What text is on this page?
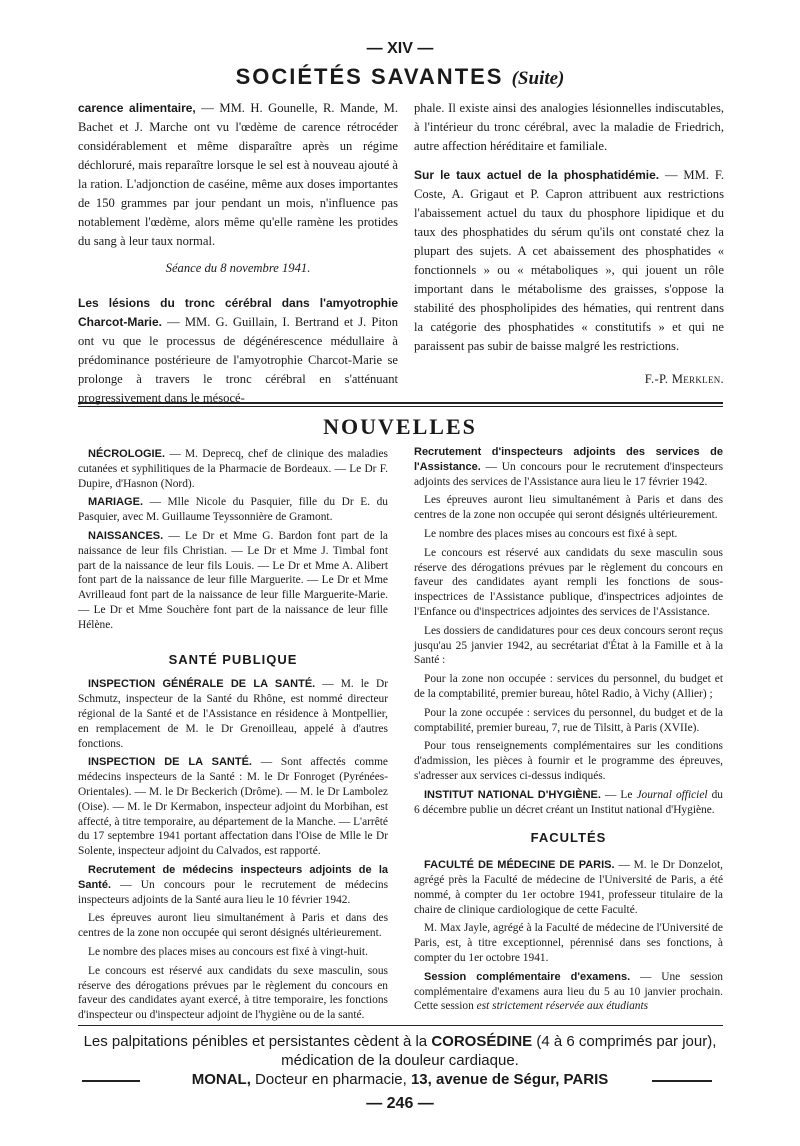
— XIV —
SOCIÉTÉS SAVANTES (Suite)

carence alimentaire, — MM. H. Gounelle, R. Mande, M. Bachet et J. Marche ont vu l'œdème de carence rétrocéder considérablement et même disparaître après un régime déchloruré, mais reparaître lorsque le sel est à nouveau ajouté à la ration. L'adjonction de caséine, même aux doses importantes de 150 grammes par jour pendant un mois, n'influence pas notablement l'œdème, alors même qu'elle ramène les protides du sang à leur taux normal.

Séance du 8 novembre 1941.

Les lésions du tronc cérébral dans l'amyotrophie Charcot-Marie. — MM. G. Guillain, I. Bertrand et J. Piton ont vu que le processus de dégénérescence médullaire à prédominance postérieure de l'amyotrophie Charcot-Marie se prolonge à travers le tronc cérébral en s'atténuant progressivement dans le mésocé-

phale. Il existe ainsi des analogies lésionnelles indiscutables, à l'intérieur du tronc cérébral, avec la maladie de Friedrich, autre affection héréditaire et familiale.

Sur le taux actuel de la phosphatidémie. — MM. F. Coste, A. Grigaut et P. Capron attribuent aux restrictions l'abaissement actuel du taux du phosphore lipidique et du taux des phosphatides du sérum qu'ils ont constaté chez la plupart des sujets. A cet abaissement des phosphatides « fonctionnels » ou « métaboliques », qui jouent un rôle important dans le métabolisme des graisses, s'oppose la stabilité des phospholipides des hématies, qui rentrent dans la catégorie des phosphatides « constitutifs » et qui ne paraissent pas subir de baisse malgré les restrictions.

F.-P. Merklen.

NOUVELLES

NÉCROLOGIE. — M. Deprecq, chef de clinique des maladies cutanées et syphilitiques de la Pharmacie de Bordeaux. — Le Dr F. Dupire, d'Hasnon (Nord).

MARIAGE. — Mlle Nicole du Pasquier, fille du Dr E. du Pasquier, avec M. Guillaume Teyssonnière de Gramont.

NAISSANCES. — Le Dr et Mme G. Bardon font part de la naissance de leur fils Christian. — Le Dr et Mme J. Timbal font part de la naissance de leur fils Louis. — Le Dr et Mme A. Alibert font part de la naissance de leur fille Marguerite. — Le Dr et Mme Avrilleaud font part de la naissance de leur fille Marguerite-Marie. — Le Dr et Mme Souchère font part de la naissance de leur fille Hélène.

SANTÉ PUBLIQUE

INSPECTION GÉNÉRALE DE LA SANTÉ. — M. le Dr Schmutz, inspecteur de la Santé du Rhône, est nommé directeur régional de la Santé et de l'Assistance en résidence à Montpellier, en remplacement de M. le Dr Grenoilleau, appelé à d'autres fonctions.

INSPECTION DE LA SANTÉ. — Sont affectés comme médecins inspecteurs de la Santé : M. le Dr Fonroget (Pyrénées-Orientales). — M. le Dr Beckerich (Drôme). — M. le Dr Lambolez (Oise). — M. le Dr Kermabon, inspecteur adjoint du Morbihan, est affecté, à titre temporaire, au département de la Manche. — L'arrêté du 17 septembre 1941 portant affectation dans l'Oise de Mlle le Dr Solente, inspecteur adjoint du Calvados, est rapporté.

Recrutement de médecins inspecteurs adjoints de la Santé. — Un concours pour le recrutement de médecins inspecteurs adjoints de la Santé aura lieu le 10 février 1942.

Les épreuves auront lieu simultanément à Paris et dans des centres de la zone non occupée qui seront désignés ultérieurement.

Le nombre des places mises au concours est fixé à vingt-huit.

Le concours est réservé aux candidats du sexe masculin, sous réserve des dérogations prévues par le règlement du concours en faveur des candidates ayant exercé, à titre temporaire, les fonctions d'inspecteur ou d'inspecteur adjoint de l'hygiène ou de la santé.

Recrutement d'inspecteurs adjoints des services de l'Assistance. — Un concours pour le recrutement d'inspecteurs adjoints des services de l'Assistance aura lieu le 17 février 1942.

Les épreuves auront lieu simultanément à Paris et dans des centres de la zone non occupée qui seront désignés ultérieurement.

Le nombre des places mises au concours est fixé à sept.

Le concours est réservé aux candidats du sexe masculin sous réserve des dérogations prévues par le règlement du concours en faveur des candidates ayant rempli les fonctions de sous-inspectrices de l'Assistance publique, d'inspectrices adjointes de l'Enfance ou d'inspectrices adjointes des services de l'Assistance.

Les dossiers de candidatures pour ces deux concours seront reçus jusqu'au 25 janvier 1942, au secrétariat d'État à la Famille et à la Santé :

Pour la zone non occupée : services du personnel, du budget et de la comptabilité, premier bureau, hôtel Radio, à Vichy (Allier) ;

Pour la zone occupée : services du personnel, du budget et de la comptabilité, premier bureau, 7, rue de Tilsitt, à Paris (XVIIe).

Pour tous renseignements complémentaires sur les conditions d'admission, les pièces à fournir et le programme des épreuves, s'adresser aux services ci-dessus indiqués.

INSTITUT NATIONAL D'HYGIÈNE. — Le Journal officiel du 6 décembre publie un décret créant un Institut national d'Hygiène.

FACULTÉS

FACULTÉ DE MÉDECINE DE PARIS. — M. le Dr Donzelot, agrégé près la Faculté de médecine de l'Université de Paris, a été nommé, à compter du 1er octobre 1941, professeur titulaire de la chaire de clinique cardiologique de cette Faculté.

M. Max Jayle, agrégé à la Faculté de médecine de l'Université de Paris, est, à titre exceptionnel, pérennisé dans ses fonctions, à compter du 1er octobre 1941.

Session complémentaire d'examens. — Une session complémentaire d'examens aura lieu du 5 au 10 janvier prochain. Cette session est strictement réservée aux étudiants

Les palpitations pénibles et persistantes cèdent à la COROSÉDINE (4 à 6 comprimés par jour),
médication de la douleur cardiaque.
MONAL, Docteur en pharmacie, 13, avenue de Ségur, PARIS
— 246 —
